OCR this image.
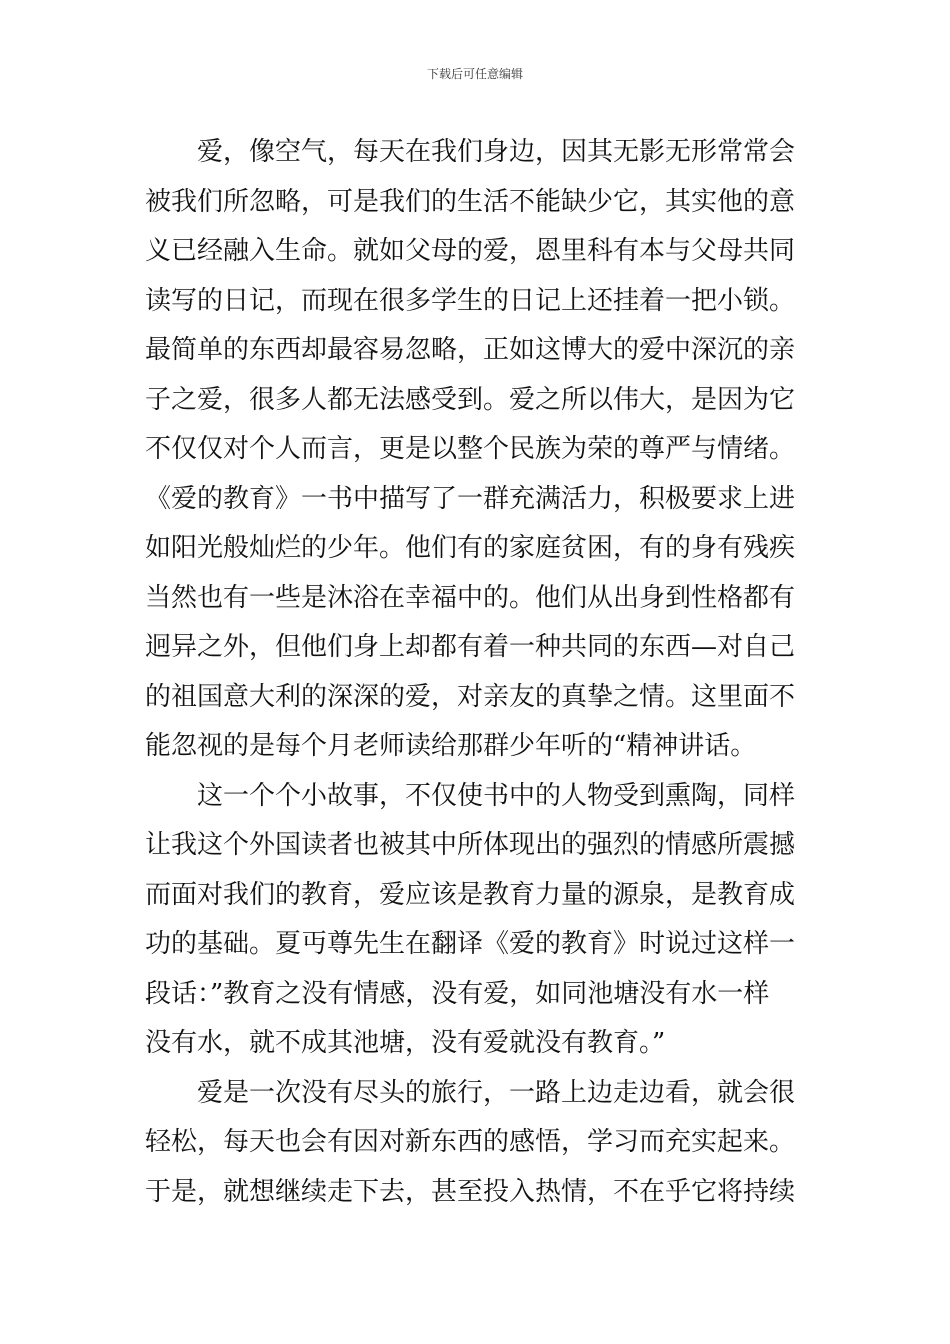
下载后可任意编辑
爱，像空气，每天在我们身边，因其无影无形常常会
被我们所忽略，可是我们的生活不能缺少它，其实他的意
义已经融入生命。就如父母的爱，恩里科有本与父母共同
读写的日记，而现在很多学生的日记上还挂着一把小锁。
最简单的东西却最容易忽略，正如这博大的爱中深沉的亲
子之爱，很多人都无法感受到。爱之所以伟大，是因为它
不仅仅对个人而言，更是以整个民族为荣的尊严与情绪。
《爱的教育》一书中描写了一群充满活力，积极要求上进
如阳光般灿烂的少年。他们有的家庭贫困，有的身有残疾
当然也有一些是沐浴在幸福中的。他们从出身到性格都有
迥异之外，但他们身上却都有着一种共同的东西—对自己
的祖国意大利的深深的爱，对亲友的真挚之情。这里面不
能忽视的是每个月老师读给那群少年听的“精神讲话。
这一个个小故事，不仅使书中的人物受到熏陶，同样
让我这个外国读者也被其中所体现出的强烈的情感所震撼
而面对我们的教育，爱应该是教育力量的源泉，是教育成
功的基础。夏丏尊先生在翻译《爱的教育》时说过这样一
段话：”教育之没有情感，没有爱，如同池塘没有水一样
没有水，就不成其池塘，没有爱就没有教育。”
爱是一次没有尽头的旅行，一路上边走边看，就会很
轻松，每天也会有因对新东西的感悟，学习而充实起来。
于是，就想继续走下去，甚至投入热情，不在乎它将持续
